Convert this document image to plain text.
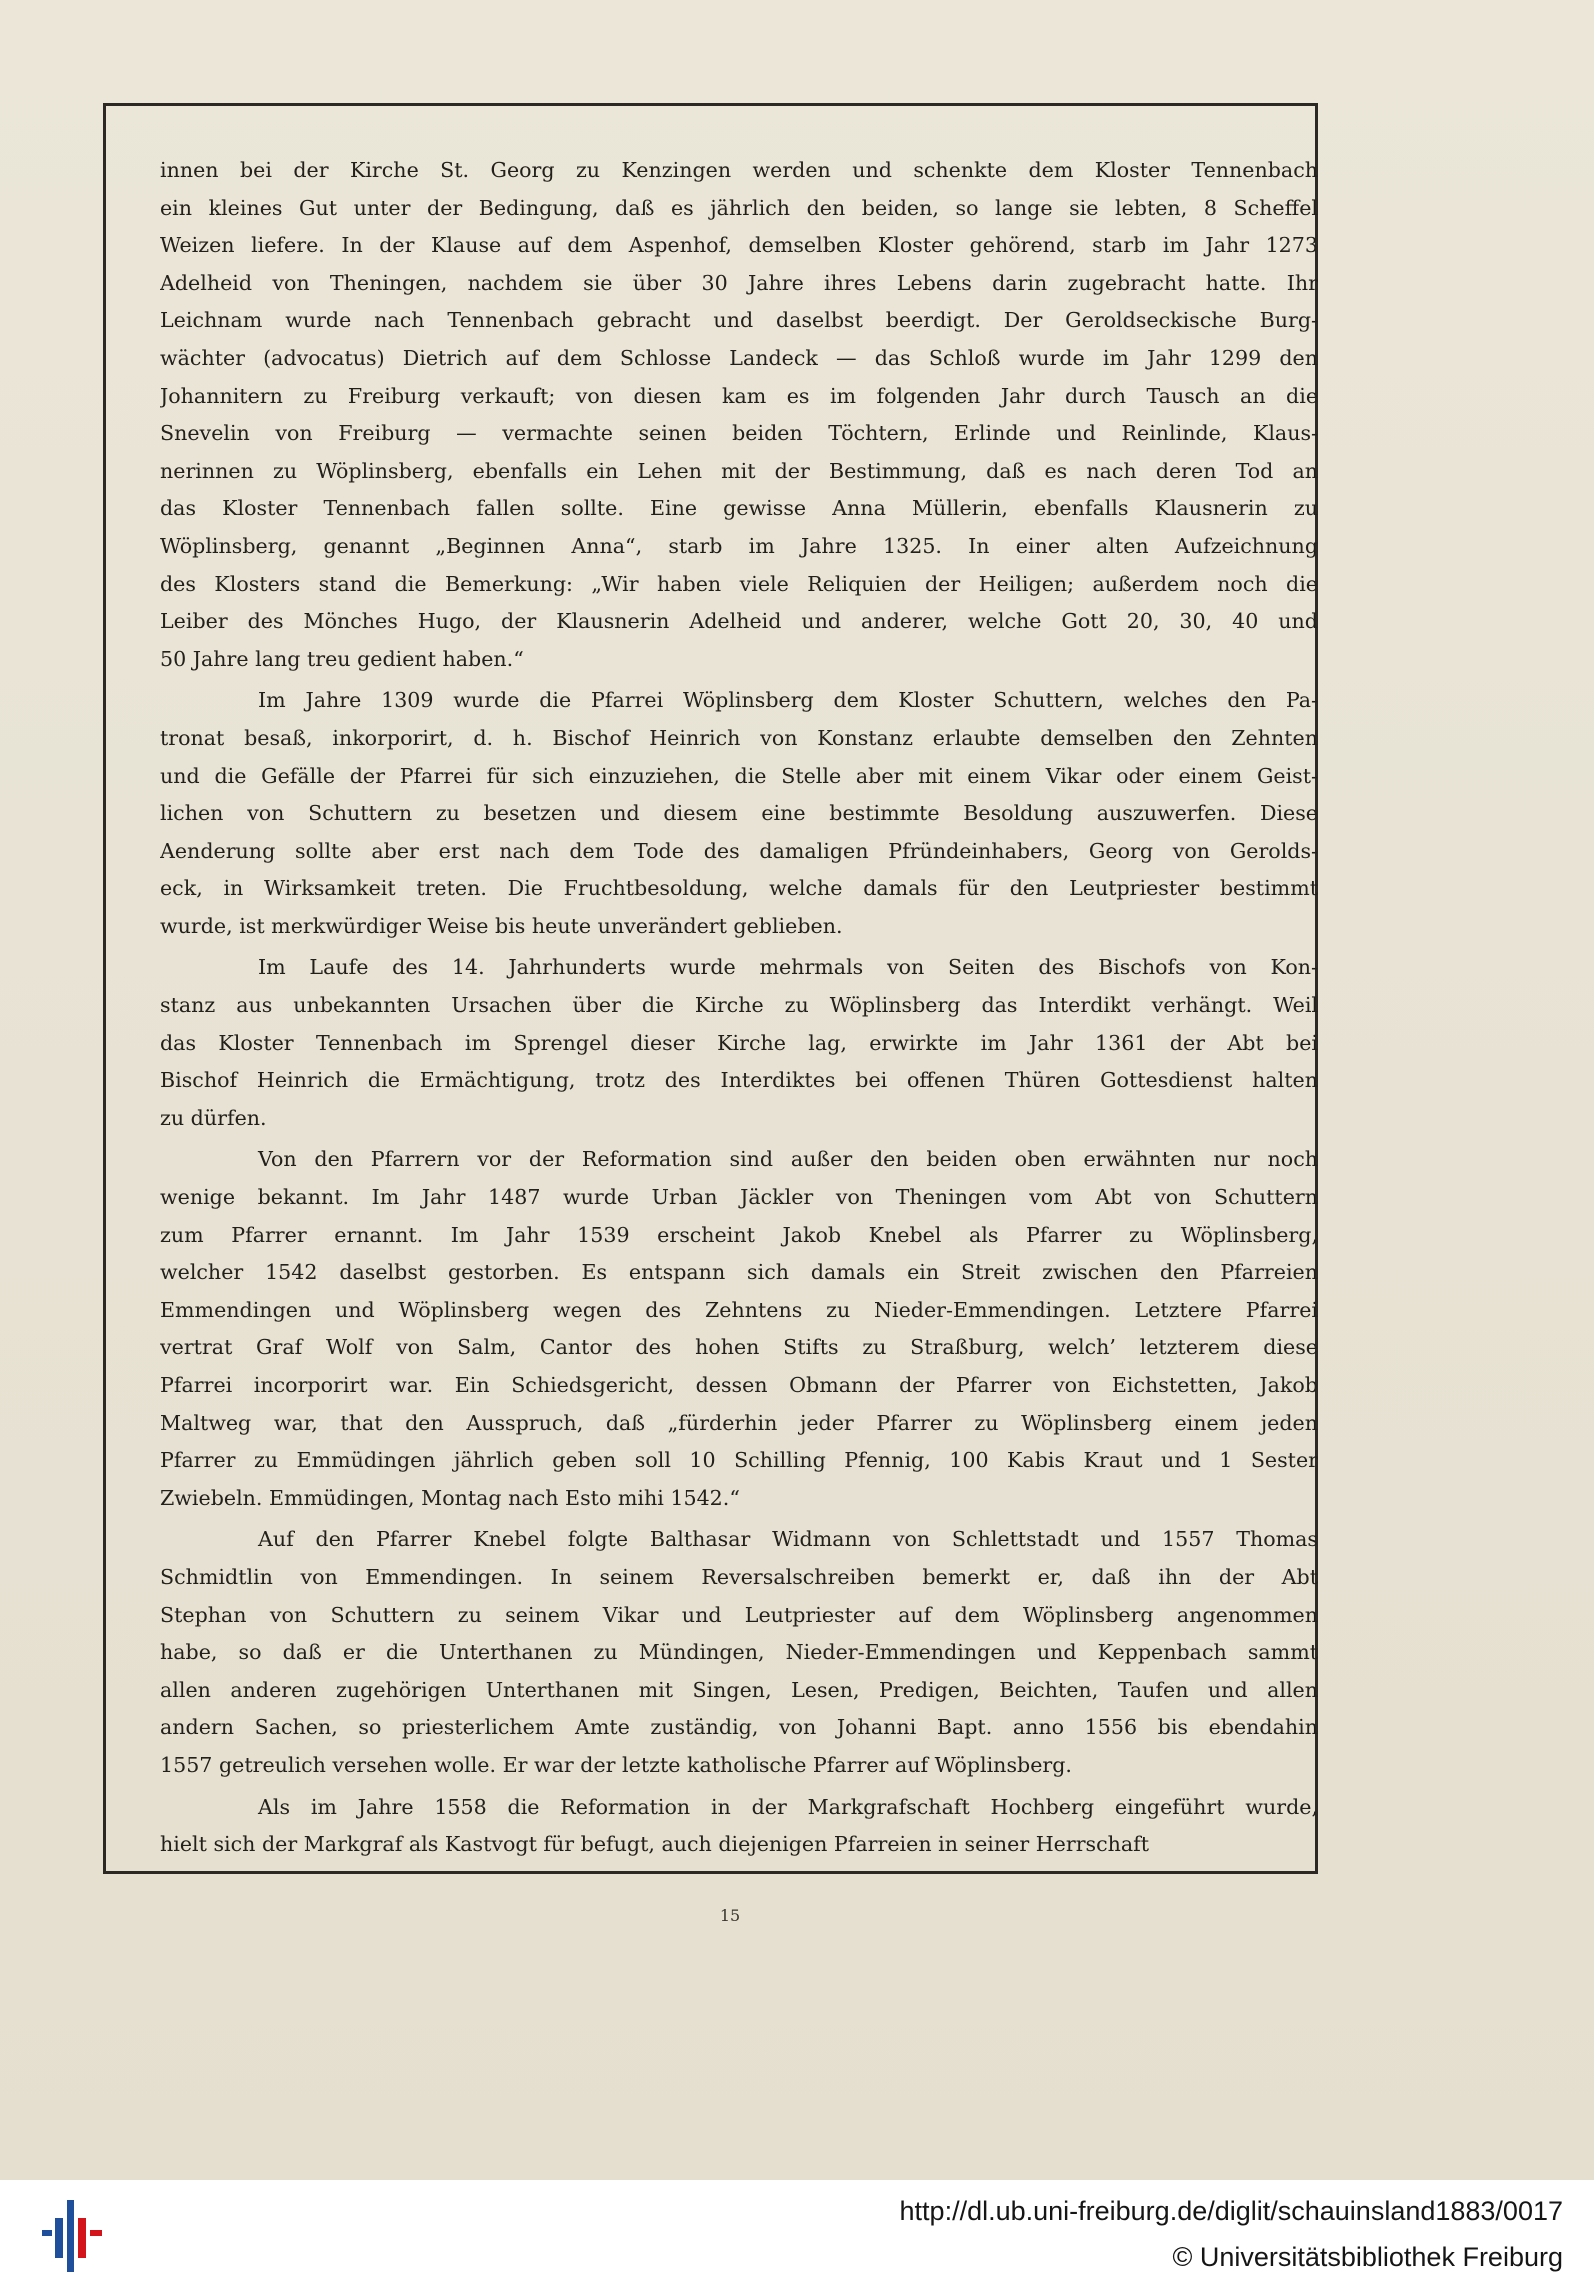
innen bei der Kirche St. Georg zu Kenzingen werden und schenkte dem Kloster Tennenbach
ein kleines Gut unter der Bedingung, daß es jährlich den beiden, so lange sie lebten, 8 Scheffel
Weizen liefere. In der Klause auf dem Aspenhof, demselben Kloster gehörend, starb im Jahr 1273
Adelheid von Theningen, nachdem sie über 30 Jahre ihres Lebens darin zugebracht hatte. Ihr
Leichnam wurde nach Tennenbach gebracht und daselbst beerdigt. Der Geroldseckische Burg-
wächter (advocatus) Dietrich auf dem Schlosse Landeck — das Schloß wurde im Jahr 1299 den
Johannitern zu Freiburg verkauft; von diesen kam es im folgenden Jahr durch Tausch an die
Snevelin von Freiburg — vermachte seinen beiden Töchtern, Erlinde und Reinlinde, Klaus-
nerinnen zu Wöplinsberg, ebenfalls ein Lehen mit der Bestimmung, daß es nach deren Tod an
das Kloster Tennenbach fallen sollte. Eine gewisse Anna Müllerin, ebenfalls Klausnerin zu
Wöplinsberg, genannt „Beginnen Anna“, starb im Jahre 1325. In einer alten Aufzeichnung
des Klosters stand die Bemerkung: „Wir haben viele Reliquien der Heiligen; außerdem noch die
Leiber des Mönches Hugo, der Klausnerin Adelheid und anderer, welche Gott 20, 30, 40 und
50 Jahre lang treu gedient haben.“
Im Jahre 1309 wurde die Pfarrei Wöplinsberg dem Kloster Schuttern, welches den Pa-
tronat besaß, inkorporirt, d. h. Bischof Heinrich von Konstanz erlaubte demselben den Zehnten
und die Gefälle der Pfarrei für sich einzuziehen, die Stelle aber mit einem Vikar oder einem Geist-
lichen von Schuttern zu besetzen und diesem eine bestimmte Besoldung auszuwerfen. Diese
Aenderung sollte aber erst nach dem Tode des damaligen Pfründeinhabers, Georg von Gerolds-
eck, in Wirksamkeit treten. Die Fruchtbesoldung, welche damals für den Leutpriester bestimmt
wurde, ist merkwürdiger Weise bis heute unverändert geblieben.
Im Laufe des 14. Jahrhunderts wurde mehrmals von Seiten des Bischofs von Kon-
stanz aus unbekannten Ursachen über die Kirche zu Wöplinsberg das Interdikt verhängt. Weil
das Kloster Tennenbach im Sprengel dieser Kirche lag, erwirkte im Jahr 1361 der Abt bei
Bischof Heinrich die Ermächtigung, trotz des Interdiktes bei offenen Thüren Gottesdienst halten
zu dürfen.
Von den Pfarrern vor der Reformation sind außer den beiden oben erwähnten nur noch
wenige bekannt. Im Jahr 1487 wurde Urban Jäckler von Theningen vom Abt von Schuttern
zum Pfarrer ernannt. Im Jahr 1539 erscheint Jakob Knebel als Pfarrer zu Wöplinsberg,
welcher 1542 daselbst gestorben. Es entspann sich damals ein Streit zwischen den Pfarreien
Emmendingen und Wöplinsberg wegen des Zehntens zu Nieder-Emmendingen. Letztere Pfarrei
vertrat Graf Wolf von Salm, Cantor des hohen Stifts zu Straßburg, welch’ letzterem diese
Pfarrei incorporirt war. Ein Schiedsgericht, dessen Obmann der Pfarrer von Eichstetten, Jakob
Maltweg war, that den Ausspruch, daß „fürderhin jeder Pfarrer zu Wöplinsberg einem jeden
Pfarrer zu Emmüdingen jährlich geben soll 10 Schilling Pfennig, 100 Kabis Kraut und 1 Sester
Zwiebeln. Emmüdingen, Montag nach Esto mihi 1542.“
Auf den Pfarrer Knebel folgte Balthasar Widmann von Schlettstadt und 1557 Thomas
Schmidtlin von Emmendingen. In seinem Reversalschreiben bemerkt er, daß ihn der Abt
Stephan von Schuttern zu seinem Vikar und Leutpriester auf dem Wöplinsberg angenommen
habe, so daß er die Unterthanen zu Mündingen, Nieder-Emmendingen und Keppenbach sammt
allen anderen zugehörigen Unterthanen mit Singen, Lesen, Predigen, Beichten, Taufen und allen
andern Sachen, so priesterlichem Amte zuständig, von Johanni Bapt. anno 1556 bis ebendahin
1557 getreulich versehen wolle. Er war der letzte katholische Pfarrer auf Wöplinsberg.
Als im Jahre 1558 die Reformation in der Markgrafschaft Hochberg eingeführt wurde,
hielt sich der Markgraf als Kastvogt für befugt, auch diejenigen Pfarreien in seiner Herrschaft
15
http://dl.ub.uni-freiburg.de/diglit/schauinsland1883/0017
© Universitätsbibliothek Freiburg
